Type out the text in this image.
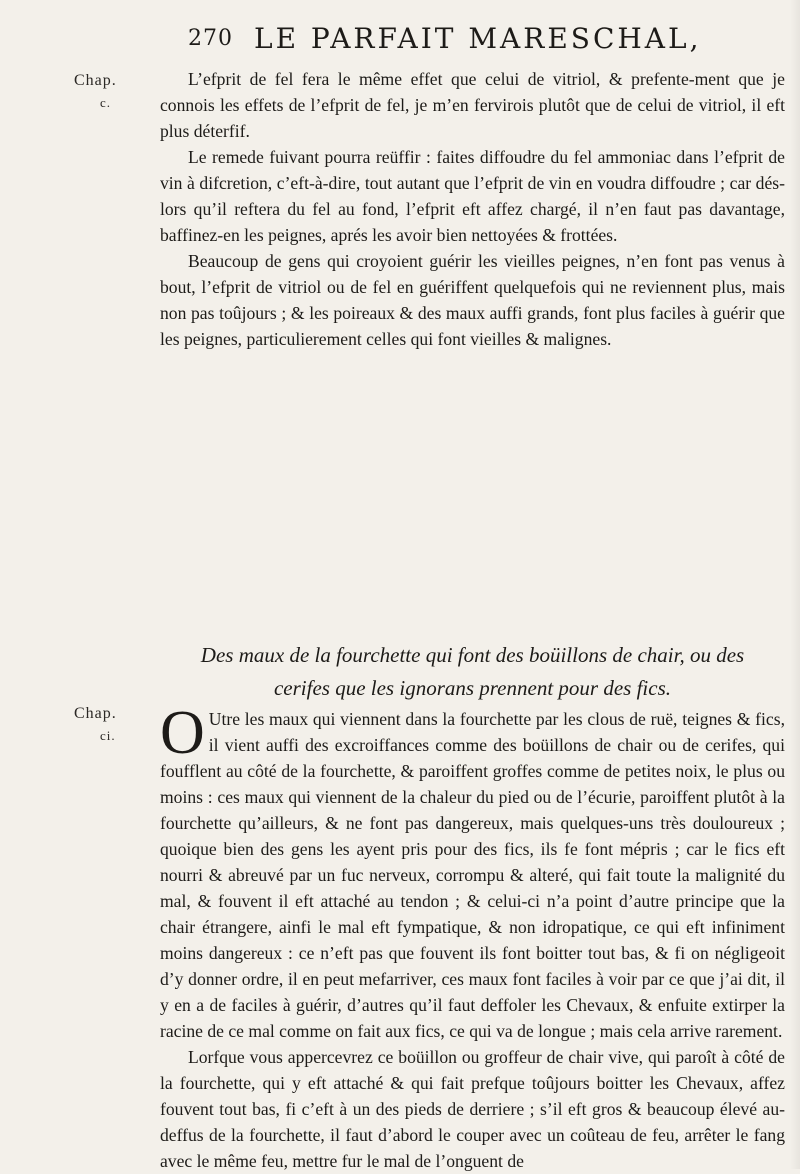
270 LE PARFAIT MARESCHAL,
Chap.
c.

L’efprit de fel fera le même effet que celui de vitriol, & prefente-ment que je connois les effets de l’efprit de fel, je m’en fervirois plutôt que de celui de vitriol, il eft plus déterfif.

Le remede fuivant pourra reüffir : faites diffoudre du fel ammoniac dans l’efprit de vin à difcretion, c’eft-à-dire, tout autant que l’efprit de vin en voudra diffoudre ; car dés-lors qu’il reftera du fel au fond, l’efprit eft affez chargé, il n’en faut pas davantage, baffinez-en les peignes, aprés les avoir bien nettoyées & frottées.

Beaucoup de gens qui croyoient guérir les vieilles peignes, n’en font pas venus à bout, l’efprit de vitriol ou de fel en guériffent quelquefois qui ne reviennent plus, mais non pas toûjours ; & les poireaux & des maux auffi grands, font plus faciles à guérir que les peignes, particulierement celles qui font vieilles & malignes.

Des maux de la fourchette qui font des boüillons de chair, ou des
cerifes que les ignorans prennent pour des fics.
Chap.
ci. O Utre les maux qui viennent dans la fourchette par les clous de ruë, teignes & fics, il vient auffi des excroiffances comme des boüillons de chair ou de cerifes, qui foufflent au côté de la fourchette, & paroiffent groffes comme de petites noix, le plus ou moins : ces maux qui viennent de la chaleur du pied ou de l’écurie, paroiffent plutôt à la fourchette qu’ailleurs, & ne font pas dangereux, mais quelques-uns très douloureux ; quoique bien des gens les ayent pris pour des fics, ils fe font mépris ; car le fics eft nourri & abreuvé par un fuc nerveux, corrompu & alteré, qui fait toute la malignité du mal, & fouvent il eft attaché au tendon ; & celui-ci n’a point d’autre principe que la chair étrangere, ainfi le mal eft fympatique, & non idropatique, ce qui eft infiniment moins dangereux : ce n’eft pas que fouvent ils font boitter tout bas, & fi on négligeoit d’y donner ordre, il en peut mefarriver, ces maux font faciles à voir par ce que j’ai dit, il y en a de faciles à guérir, d’autres qu’il faut deffoler les Chevaux, & enfuite extirper la racine de ce mal comme on fait aux fics, ce qui va de longue ; mais cela arrive rarement.

Lorfque vous appercevrez ce boüillon ou groffeur de chair vive, qui paroît à côté de la fourchette, qui y eft attaché & qui fait prefque toûjours boitter les Chevaux, affez fouvent tout bas, fi c’eft à un des pieds de derriere ; s’il eft gros & beaucoup élevé au-deffus de la fourchette, il faut d’abord le couper avec un coûteau de feu, arrêter le fang avec le même feu, mettre fur le mal de l’onguent de
